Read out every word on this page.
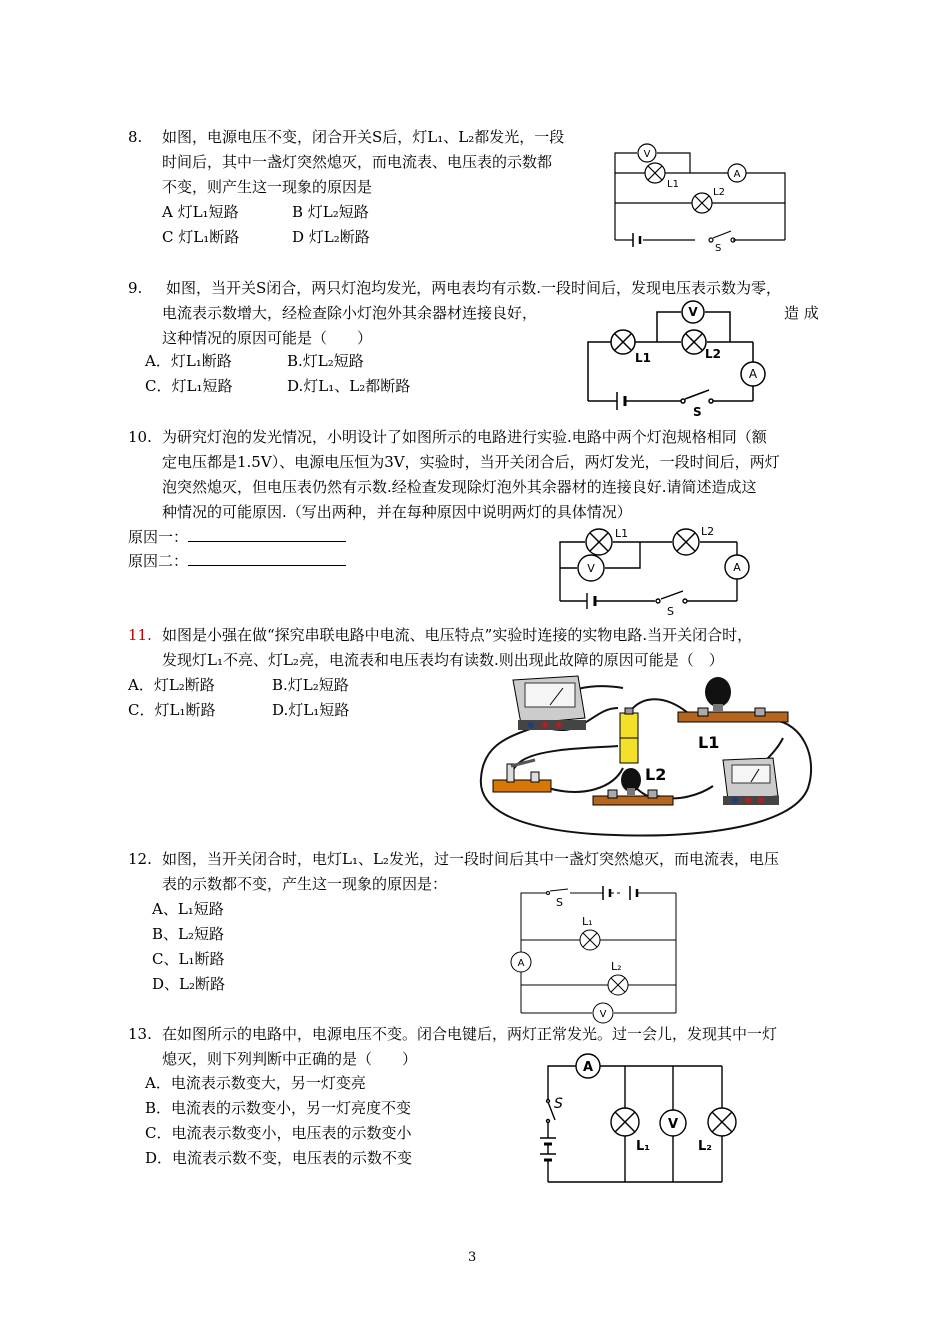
8.	如图，电源电压不变，闭合开关S后，灯L₁、L₂都发光，一段
时间后，其中一盏灯突然熄灭，而电流表、电压表的示数都
不变，则产生这一现象的原因是
A 灯L₁短路	B 灯L₂短路
C 灯L₁断路	D 灯L₂断路
V
A
L1
L2
S
9.	如图，当开关S闭合，两只灯泡均发光，两电表均有示数.一段时间后，发现电压表示数为零，
电流表示数增大，经检查除小灯泡外其余器材连接良好，
这种情况的原因可能是（　　）
造 成
A．灯L₁断路	B.灯L₂短路
C．灯L₁短路	D.灯L₁、L₂都断路
V
A
L1	L2
S
10. 为研究灯泡的发光情况，小明设计了如图所示的电路进行实验.电路中两个灯泡规格相同（额
定电压都是1.5V）、电源电压恒为3V，实验时，当开关闭合后，两灯发光，一段时间后，两灯
泡突然熄灭，但电压表仍然有示数.经检查发现除灯泡外其余器材的连接良好.请简述造成这
种情况的可能原因.（写出两种，并在每种原因中说明两灯的具体情况）
原因一：
原因二：	V	A
L1	L2
S
11. 如图是小强在做“探究串联电路中电流、电压特点”实验时连接的实物电路.当开关闭合时，
发现灯L₁不亮、灯L₂亮，电流表和电压表均有读数.则出现此故障的原因可能是（　）
A．灯L₂断路	B.灯L₂短路
C．灯L₁断路	D.灯L₁短路
L1
L2
12. 如图，当开关闭合时，电灯L₁、L₂发光，过一段时间后其中一盏灯突然熄灭，而电流表，电压
表的示数都不变，产生这一现象的原因是：
A、L₁短路
B、L₂短路
C、L₁断路
D、L₂断路
S
L₁
L₂
A
V
13. 在如图所示的电路中，电源电压不变。闭合电键后，两灯正常发光。过一会儿，发现其中一灯
熄灭，则下列判断中正确的是（　　）
A．电流表示数变大，另一灯变亮
B．电流表的示数变小，另一灯亮度不变
C．电流表示数变小，电压表的示数变小
D．电流表示数不变，电压表的示数不变
A
V
S
L₁	L₂
3
